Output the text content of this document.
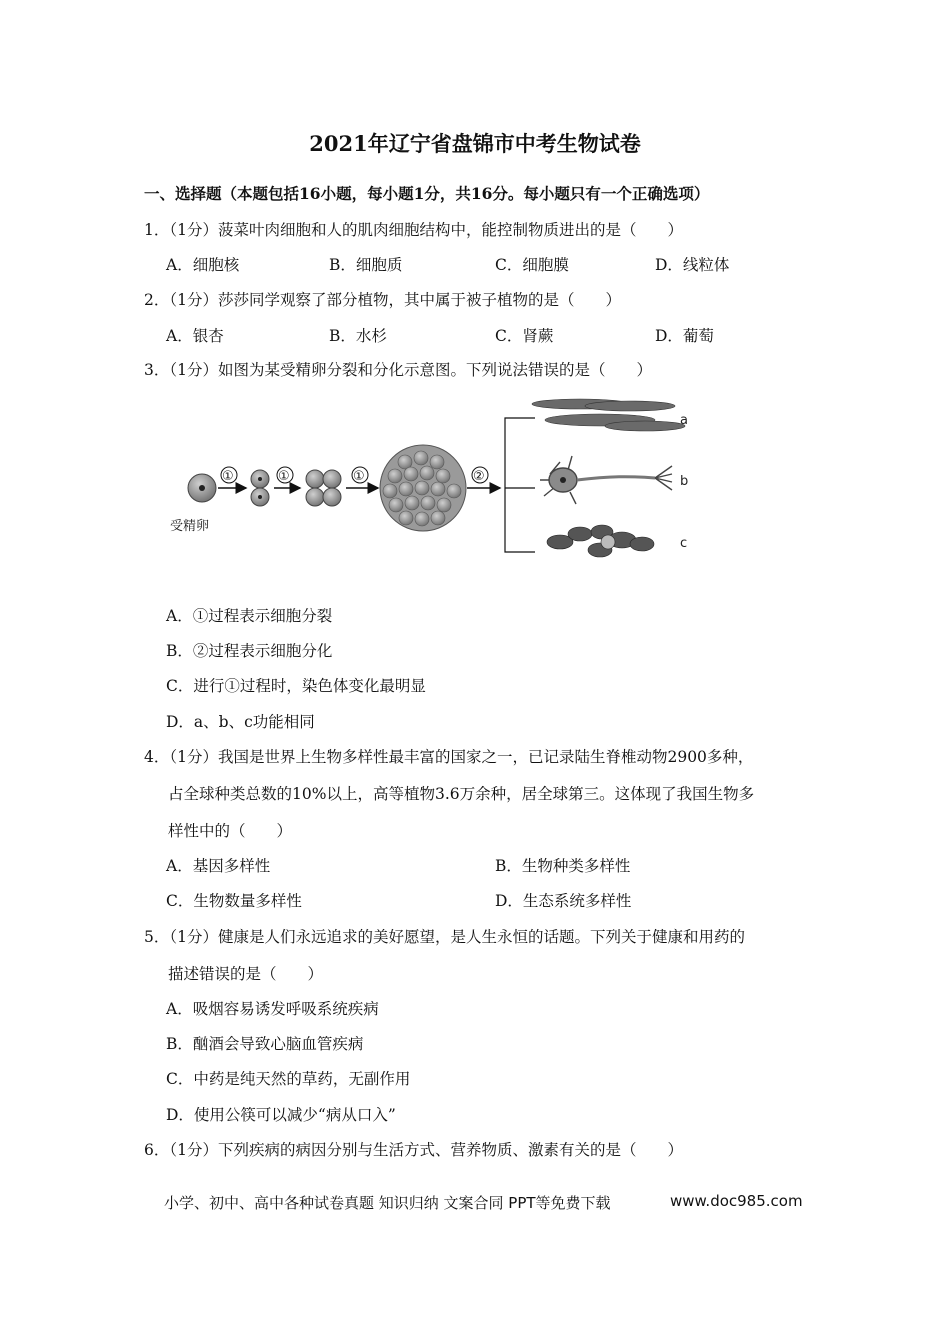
2021年辽宁省盘锦市中考生物试卷
一、选择题（本题包括16小题，每小题1分，共16分。每小题只有一个正确选项）
1．（1分）菠菜叶肉细胞和人的肌肉细胞结构中，能控制物质进出的是（　　）
A．细胞核	B．细胞质	C．细胞膜	D．线粒体
2．（1分）莎莎同学观察了部分植物，其中属于被子植物的是（　　）
A．银杏	B．水杉	C．肾蕨	D．葡萄
3．（1分）如图为某受精卵分裂和分化示意图。下列说法错误的是（　　）
受精卵
①	①	①	②
a
b
c
A．①过程表示细胞分裂
B．②过程表示细胞分化
C．进行①过程时，染色体变化最明显
D．a、b、c功能相同
4．（1分）我国是世界上生物多样性最丰富的国家之一，已记录陆生脊椎动物2900多种，
占全球种类总数的10%以上，高等植物3.6万余种，居全球第三。这体现了我国生物多
样性中的（　　）
A．基因多样性	B．生物种类多样性
C．生物数量多样性	D．生态系统多样性
5．（1分）健康是人们永远追求的美好愿望，是人生永恒的话题。下列关于健康和用药的
描述错误的是（　　）
A．吸烟容易诱发呼吸系统疾病
B．酗酒会导致心脑血管疾病
C．中药是纯天然的草药，无副作用
D．使用公筷可以减少“病从口入”
6．（1分）下列疾病的病因分别与生活方式、营养物质、激素有关的是（　　）
小学、初中、高中各种试卷真题 知识归纳 文案合同 PPT等免费下载	www.doc985.com
